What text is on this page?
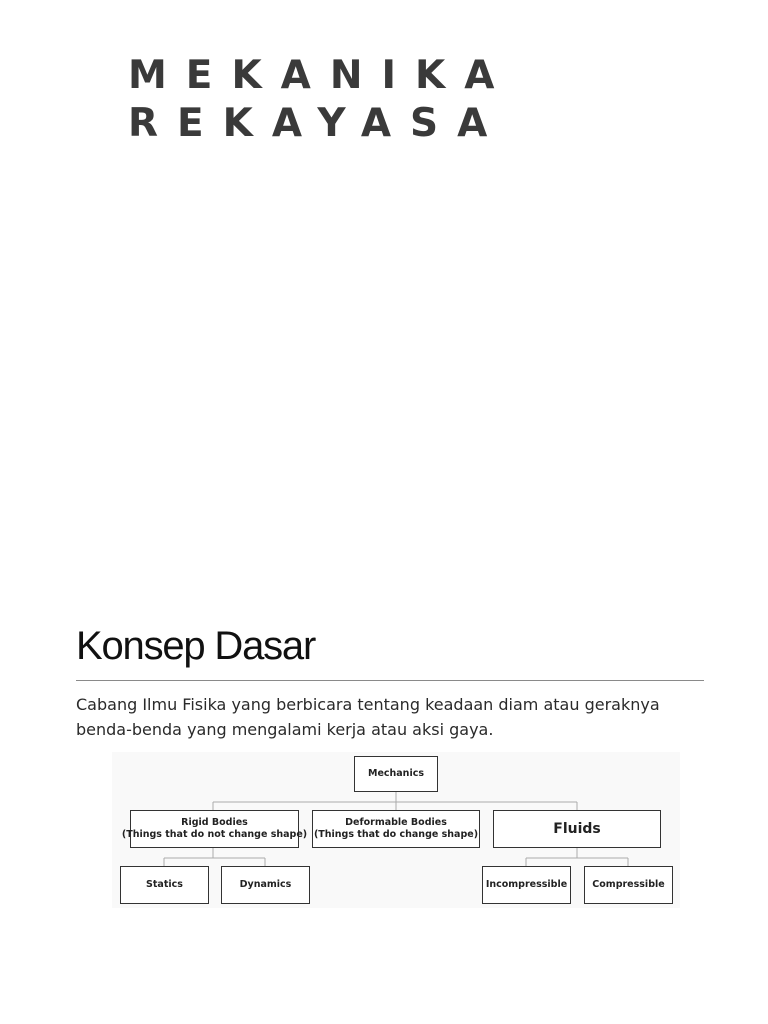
MEKANIKA
REKAYASA
Konsep Dasar

Cabang Ilmu Fisika yang berbicara tentang keadaan diam atau geraknya benda-benda yang mengalami kerja atau aksi gaya.

Mechanics
Rigid Bodies
(Things that do not change shape)
Deformable Bodies
(Things that do change shape)	Fluids
Statics	Dynamics	Incompressible	Compressible
